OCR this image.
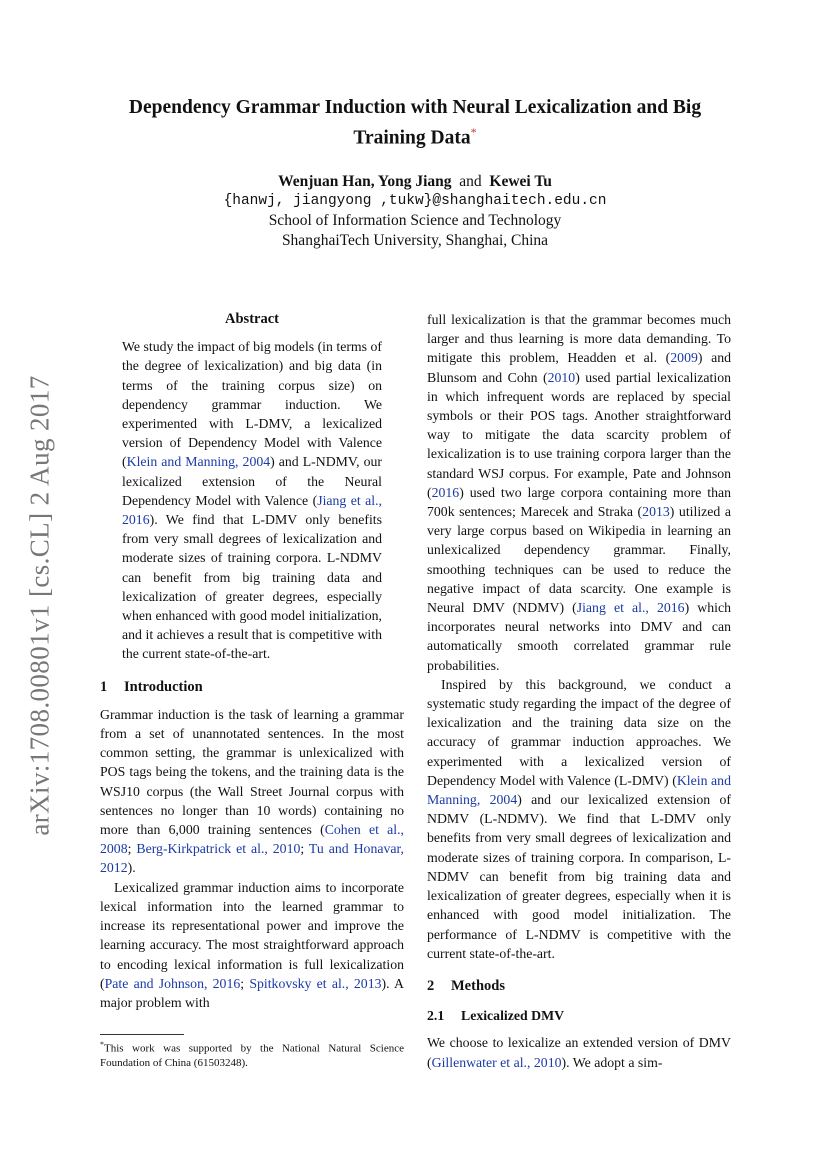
arXiv:1708.00801v1 [cs.CL] 2 Aug 2017
Dependency Grammar Induction with Neural Lexicalization and Big
Training Data*
Wenjuan Han, Yong Jiang and Kewei Tu
{hanwj, jiangyong ,tukw}@shanghaitech.edu.cn
School of Information Science and Technology
ShanghaiTech University, Shanghai, China
Abstract

We study the impact of big models (in terms of the degree of lexicalization) and big data (in terms of the training corpus size) on dependency grammar induction. We experimented with L-DMV, a lexicalized version of Dependency Model with Valence (Klein and Manning, 2004) and L-NDMV, our lexicalized extension of the Neural Dependency Model with Valence (Jiang et al., 2016). We find that L-DMV only benefits from very small degrees of lexicalization and moderate sizes of training corpora. L-NDMV can benefit from big training data and lexicalization of greater degrees, especially when enhanced with good model initialization, and it achieves a result that is competitive with the current state-of-the-art.

1 Introduction

Grammar induction is the task of learning a grammar from a set of unannotated sentences. In the most common setting, the grammar is unlexicalized with POS tags being the tokens, and the training data is the WSJ10 corpus (the Wall Street Journal corpus with sentences no longer than 10 words) containing no more than 6,000 training sentences (Cohen et al., 2008; Berg-Kirkpatrick et al., 2010; Tu and Honavar, 2012).

Lexicalized grammar induction aims to incorporate lexical information into the learned grammar to increase its representational power and improve the learning accuracy. The most straightforward approach to encoding lexical information is full lexicalization (Pate and Johnson, 2016; Spitkovsky et al., 2013). A major problem with

full lexicalization is that the grammar becomes much larger and thus learning is more data demanding. To mitigate this problem, Headden et al. (2009) and Blunsom and Cohn (2010) used partial lexicalization in which infrequent words are replaced by special symbols or their POS tags. Another straightforward way to mitigate the data scarcity problem of lexicalization is to use training corpora larger than the standard WSJ corpus. For example, Pate and Johnson (2016) used two large corpora containing more than 700k sentences; Marecek and Straka (2013) utilized a very large corpus based on Wikipedia in learning an unlexicalized dependency grammar. Finally, smoothing techniques can be used to reduce the negative impact of data scarcity. One example is Neural DMV (NDMV) (Jiang et al., 2016) which incorporates neural networks into DMV and can automatically smooth correlated grammar rule probabilities.

Inspired by this background, we conduct a systematic study regarding the impact of the degree of lexicalization and the training data size on the accuracy of grammar induction approaches. We experimented with a lexicalized version of Dependency Model with Valence (L-DMV) (Klein and Manning, 2004) and our lexicalized extension of NDMV (L-NDMV). We find that L-DMV only benefits from very small degrees of lexicalization and moderate sizes of training corpora. In comparison, L-NDMV can benefit from big training data and lexicalization of greater degrees, especially when it is enhanced with good model initialization. The performance of L-NDMV is competitive with the current state-of-the-art.

2 Methods
2.1 Lexicalized DMV

We choose to lexicalize an extended version of DMV (Gillenwater et al., 2010). We adopt a sim-

*This work was supported by the National Natural Science Foundation of China (61503248).
